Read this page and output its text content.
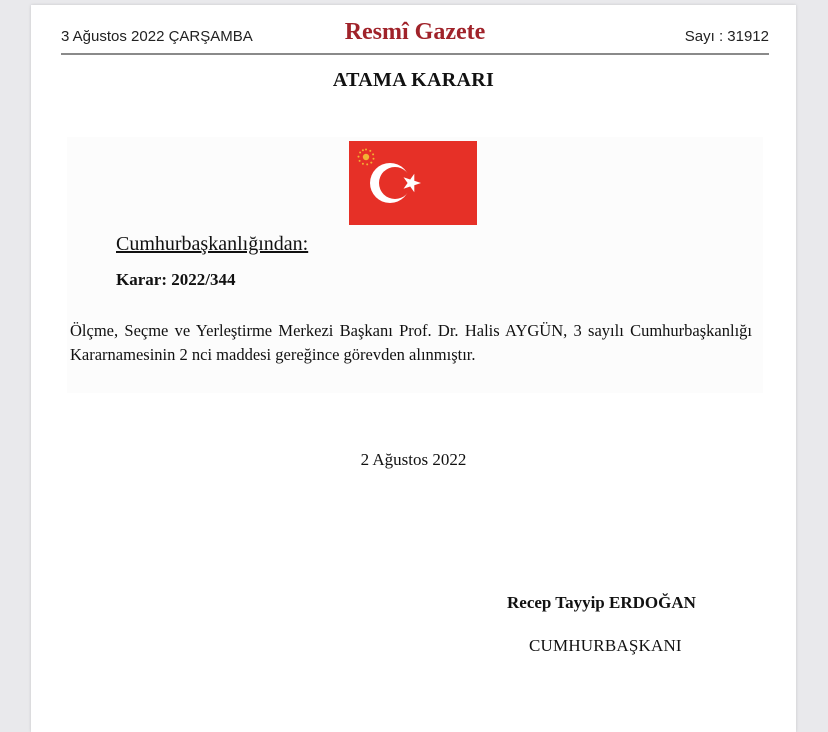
3 Ağustos 2022 ÇARŞAMBA	Resmî Gazete	Sayı : 31912
ATAMA KARARI
Cumhurbaşkanlığından:
Karar: 2022/344
Ölçme, Seçme ve Yerleştirme Merkezi Başkanı Prof. Dr. Halis AYGÜN, 3 sayılı Cumhurbaşkanlığı Kararnamesinin 2 nci maddesi gereğince görevden alınmıştır.
2 Ağustos 2022
Recep Tayyip ERDOĞAN
CUMHURBAŞKANI
